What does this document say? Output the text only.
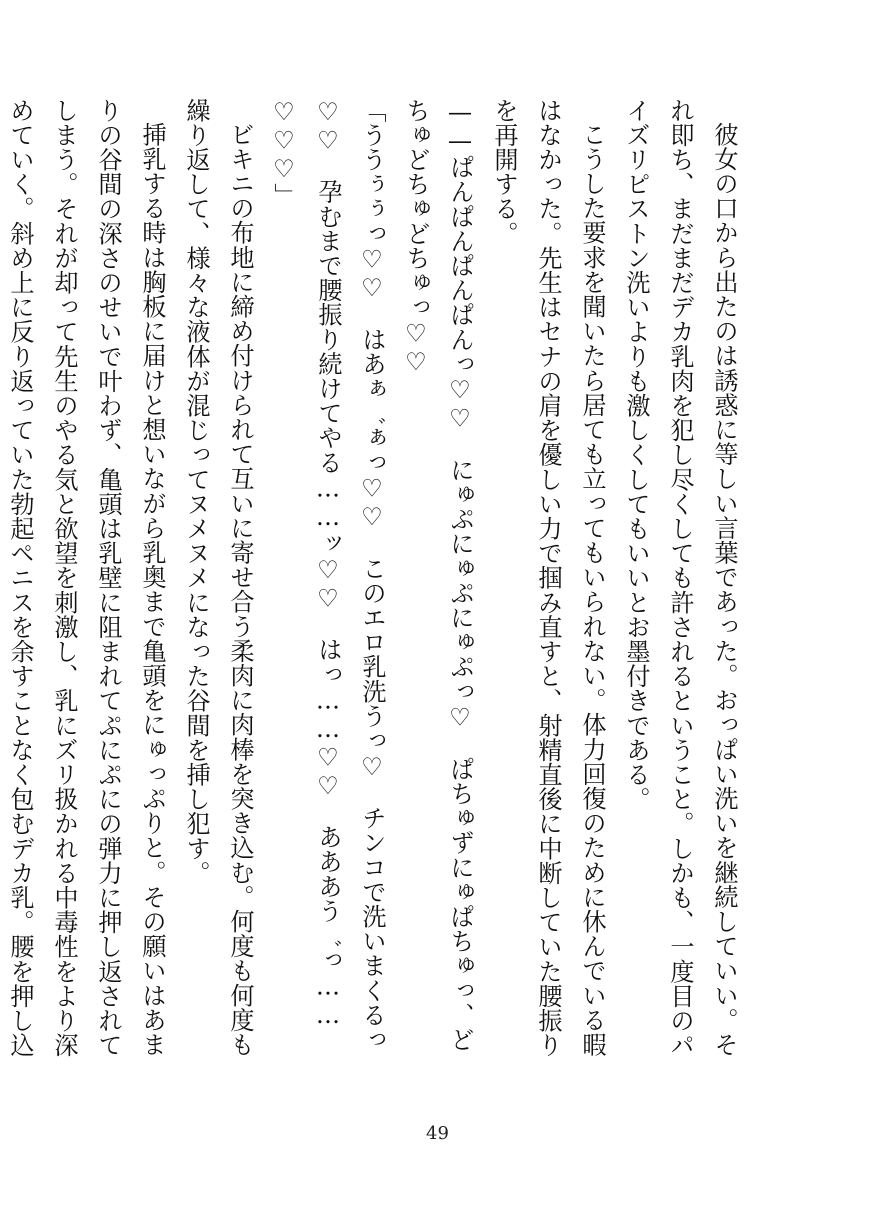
彼女の口から出たのは誘惑に等しい言葉であった。おっぱい洗いを継続していい。それ即ち、まだまだデカ乳肉を犯し尽くしても許されるということ。しかも、一度目のパイズリピストン洗いよりも激しくしてもいいとお墨付きである。

こうした要求を聞いたら居ても立ってもいられない。体力回復のために休んでいる暇はなかった。先生はセナの肩を優しい力で掴み直すと、射精直後に中断していた腰振りを再開する。

——ぱんぱんぱんぱんっ♡♡　にゅぷにゅぷにゅぷっ♡　ぱちゅずにゅぱちゅっ、どちゅどちゅどちゅっ♡♡

「ううぅぅっ♡♡　はあぁ゛ぁっ♡♡　このエロ乳洗うっ♡　チンコで洗いまくるっ♡♡　孕むまで腰振り続けてやる……ッ♡♡　はっ……♡♡　あああう゛っ……♡♡♡」

ビキニの布地に締め付けられて互いに寄せ合う柔肉に肉棒を突き込む。何度も何度も繰り返して、様々な液体が混じってヌメヌメになった谷間を挿し犯す。

挿乳する時は胸板に届けと想いながら乳奥まで亀頭をにゅっぷりと。その願いはあまりの谷間の深さのせいで叶わず、亀頭は乳壁に阻まれてぷにぷにの弾力に押し返されてしまう。それが却って先生のやる気と欲望を刺激し、乳にズリ扱かれる中毒性をより深めていく。斜め上に反り返っていた勃起ペニスを余すことなく包むデカ乳。腰を押し込

49
